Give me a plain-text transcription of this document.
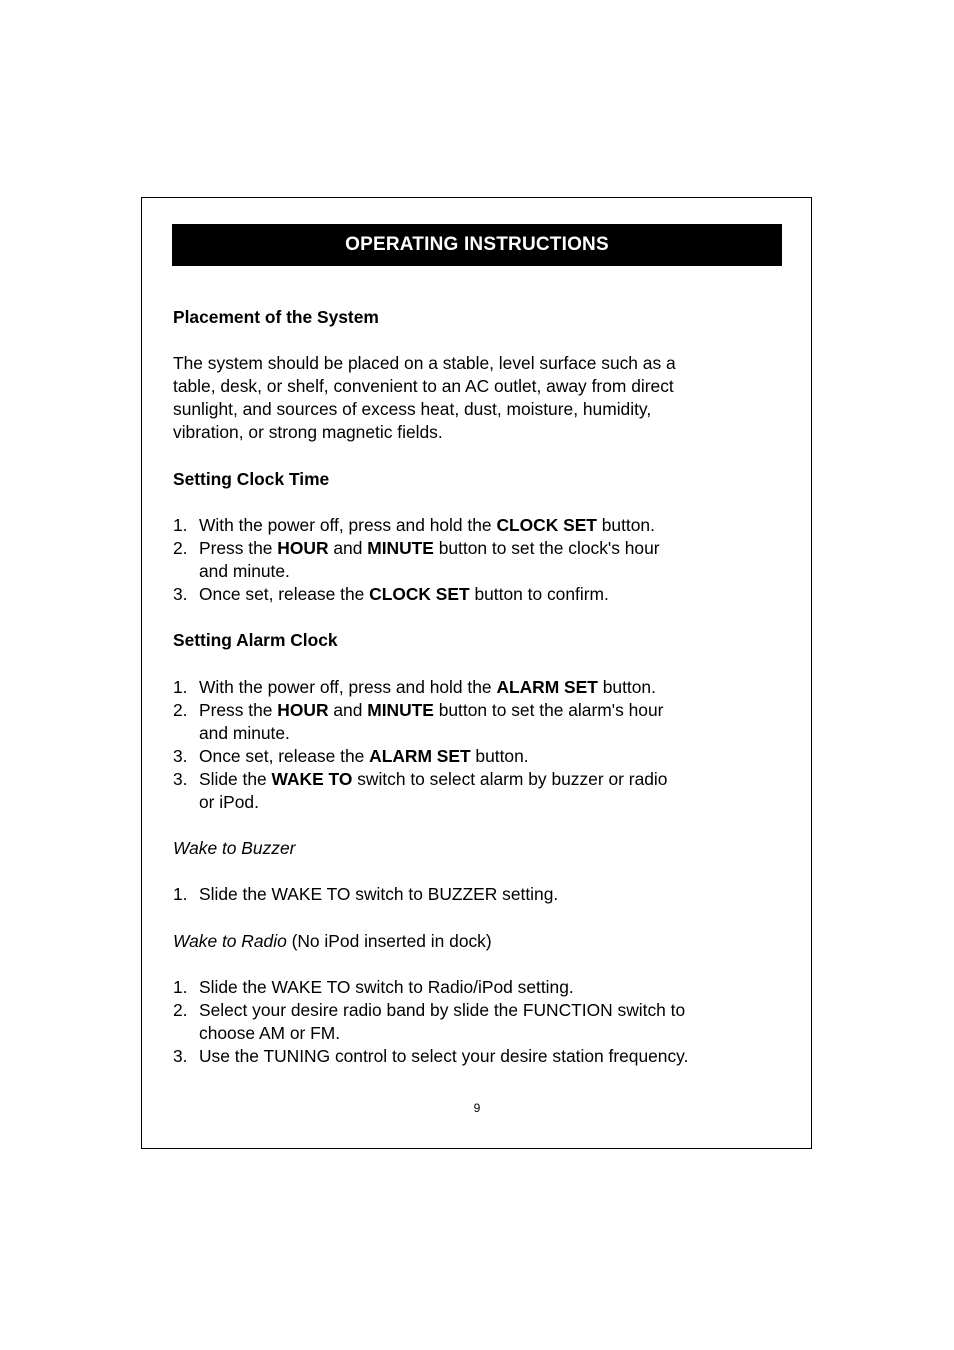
OPERATING INSTRUCTIONS

Placement of the System

The system should be placed on a stable, level surface such as a

table, desk, or shelf, convenient to an AC outlet, away from direct

sunlight, and sources of excess heat, dust, moisture, humidity,

vibration, or strong magnetic fields.

Setting Clock Time

1. With the power off, press and hold the CLOCK SET button.
2. Press the HOUR and MINUTE button to set the clock's hour
and minute.
3. Once set, release the CLOCK SET button to confirm.

Setting Alarm Clock

1. With the power off, press and hold the ALARM SET button.
2. Press the HOUR and MINUTE button to set the alarm's hour
and minute.
3. Once set, release the ALARM SET button.
3. Slide the WAKE TO switch to select alarm by buzzer or radio
or iPod.

Wake to Buzzer

1. Slide the WAKE TO switch to BUZZER setting.

Wake to Radio (No iPod inserted in dock)

1. Slide the WAKE TO switch to Radio/iPod setting.
2. Select your desire radio band by slide the FUNCTION switch to
choose AM or FM.
3. Use the TUNING control to select your desire station frequency.
9
